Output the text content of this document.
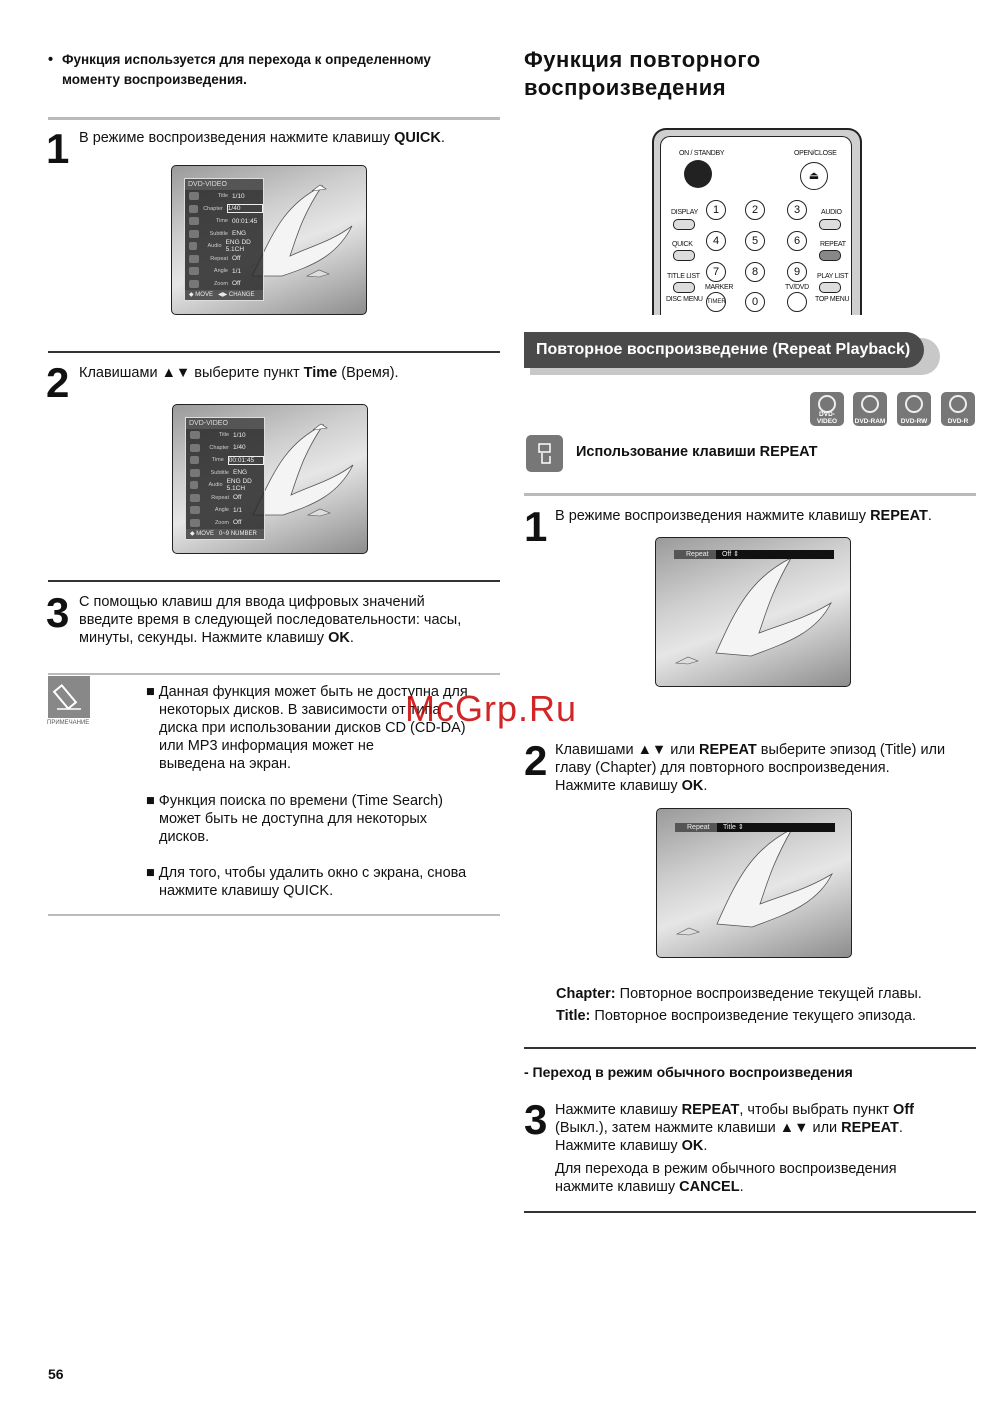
• Функция используется для перехода к определенному
моменту воспроизведения.
1 В режиме воспроизведения нажмите клавишу QUICK.
DVD-VIDEO
Title 1/10
Chapter 1/40
Time 00:01:45
Subtitle ENG
Audio ENG DD 5.1CH
Repeat Off
Angle 1/1
Zoom Off
◆ MOVE   ◀▶ CHANGE
2 Клавишами ▲▼ выберите пункт Time (Время).
DVD-VIDEO
Title 1/10
Chapter 1/40
Time 00:01:45
Subtitle ENG
Audio ENG DD 5.1CH
Repeat Off
Angle 1/1
Zoom Off
◆ MOVE   0~9 NUMBER
3 С помощью клавиш для ввода цифровых значений
введите время в следующей последовательности: часы,
минуты, секунды. Нажмите клавишу OK.
ПРИМЕЧАНИЕ
■ Данная функция может быть не доступна для
некоторых дисков. В зависимости от типа
диска при использовании дисков CD (CD-DA)
или MP3 информация может не
выведена на экран.
■ Функция поиска по времени (Time Search)
может быть не доступна для некоторых
дисков.
■ Для того, чтобы удалить окно с экрана, снова
нажмите клавишу QUICK.
56
Функция повторного
воспроизведения
ON / STANDBY	OPEN/CLOSE
⏏
DISPLAY
QUICK
TITLE LIST
DISC MENU
AUDIO
REPEAT
PLAY LIST
TOP MENU
1	2	3
4	5	6
7	8	9
MARKER	TV/DVD
TIMER	0
Повторное воспроизведение (Repeat Playback)
DVD-VIDEO	DVD-RAM	DVD-RW	DVD-R
Использование клавиши REPEAT
1 В режиме воспроизведения нажмите клавишу REPEAT.
Repeat Off ⇕
McGrp.Ru
2 Клавишами ▲▼ или REPEAT выберите эпизод (Title) или
главу (Chapter) для повторного воспроизведения.
Нажмите клавишу OK.
Repeat Title ⇕
Chapter: Повторное воспроизведение текущей главы.
Title: Повторное воспроизведение текущего эпизода.
- Переход в режим обычного воспроизведения
3 Нажмите клавишу REPEAT, чтобы выбрать пункт Off
(Выкл.), затем нажмите клавиши ▲▼ или REPEAT.
Нажмите клавишу OK.
Для перехода в режим обычного воспроизведения
нажмите клавишу CANCEL.
